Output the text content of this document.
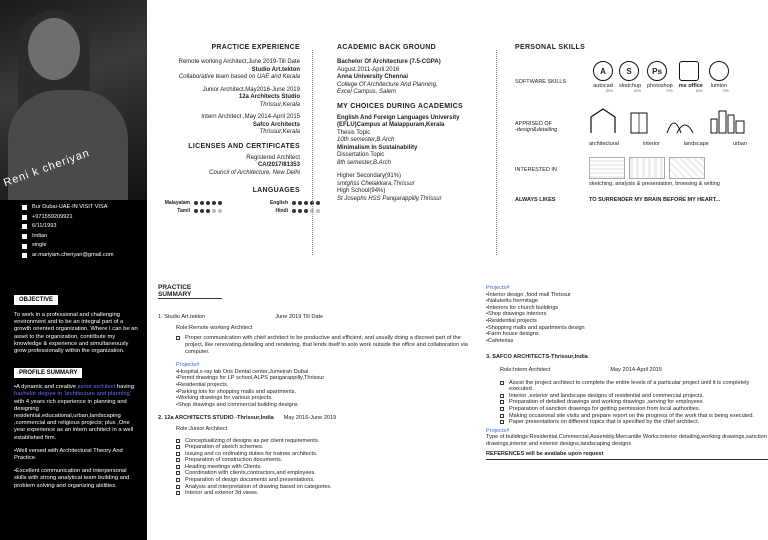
Reni k cheriyan
Bur Dubai-UAE-IN VISIT VISA
+971559209921
6/11/1993
Indian
single
ar.mariyam.cheriyan@gmail.com
PRACTICE EXPERIENCE
Remote working Architect,June 2019-Till Date
Studio Art.tekton
Collaborative team based on UAE and Kerala
Junior Architect,May2016-June 2019
12a Architects Studio
Thrissur,Kerala
Intern Architect ,May 2014-April 2015
Safco Architects
Thrissur,Kerala
LICENSES AND CERTIFICATES
Registered Architect
CA/2017/81353
Council of Architecture, New Delhi
LANGUAGES
Malayalam	English
Tamil	Hindi
ACADEMIC BACK GROUND
Bachelor Of Architecture (7.5-CGPA)
August.2011-April.2016
Anna University Chennai
College Of Architecture And Planning,
Excel Campus, Salem
MY CHOICES DURING ACADEMICS
English And Foreign Languages University (EFLU)Campus at Malappuram,Kerala
Thesis Topic
10th semester,B.Arch
Minimalism In Sustainability
Dissertation Topic
8th semester,B.Arch
Higher Secondary(91%)
smtghss Chelakkara,Thrissur
High School(94%)
St Josephs HSS Pangarappilly,Thrissur
PERSONAL SKILLS
SOFTWARE SKILLS
A
autocad
80%
S
sketchup
80%
Ps
photoshop
70%
ms office
80%
lumion
70%
APPRISED OF
-design&detailing
architectural	interior	landscape	urban
INTERESTED IN
sketching, analysis & presentation, browsing & writing
ALWAYS LIKES	TO SURRENDER MY BRAIN BEFORE MY HEART...
OBJECTIVE
To work in a professional and challenging environment and to be an integral part of a growth oriented organization. Where I can be an asset to the organization, contribute my knowledge & experience and simultaneously grow professionally within the organization.
PROFILE SUMMARY
•A dynamic and creative junior architect having bachelor degree in 'architecture and planning' with 4 years rich experience in planning and designing residential,educational,urban,landscaping ,commercial and religious projects; plus ,One year experience as an intern architect in a well established firm.
•Well versed with Architectural Theory And Practice.
•Excellent communication and interpersonal skills with strong analytical team building and problem solving and organizing abilities.
PRACTICE SUMMARY
1. Studio Art.tekton	June 2019 Till Date
Role:Remote working Architect
Proper communication with chief architect to be productive and efficient, and usually doing a discreet part of the project, like renovating,detailing and rendering, that lends itself to solo work outside the office and collaboration via computer.
Projects#
•Hospital,x-ray lab Oris Dental center,Jumeirah Dubai
•Permit drawings for LP school,ALPS pangarappilly,Thrissur
•Residential projects.
•Parking lots for shopping malls and apartments.
•Working drawings for various projects.
•Shop drawings and commercial building designs
2. 12a ARCHITECTS STUDIO -Thrissur,India May 2016-June 2019
Role:Junior Architect
Conceptualizing of designs as per client requirements.
Preparation of sketch schemes.
Issuing and co ordinating duties for trainee architects.
Preparation of construction documents.
Heading meetings with Clients.
Coordination with clients,contractors,and employees.
Preparation of design documents and presentations.
Analysis and interpretation of drawing based on categories.
Interior and exterior 3d views.
Projects#
•Interior design ,food mall Thrissur
•Nalukettu hermitage
•Interiors for church buildings
•Shop drawings interiors
•Residential projects
•Shopping malls and apartments design
•Farm house designs
•Cafeterias
3. SAFCO ARCHITECTS-Thrissur,India
Role:Intern Architect	May 2014-April 2015
Assist the project architect to complete the entire levels of a particular project until it is completely executed.
Interior ,exterior and landscape designs of residential and commercial projects.
Preparation of detailed drawings and working drawings ,serving for employees
Preparation of sanction drawings for getting permission from local authorities.
Making occasional site visits and prepare report on the progress of the work that is being executed.
Paper presentations on different topics that is specified by the chief architect.
Projects#
Type of buildings:Residential,Commercial,Assembly,Mercantile Works:interior detailing,working drawings,sanction drawings,interior and exterior designs,landscaping designs
REFERENCES will be availabe upon request
